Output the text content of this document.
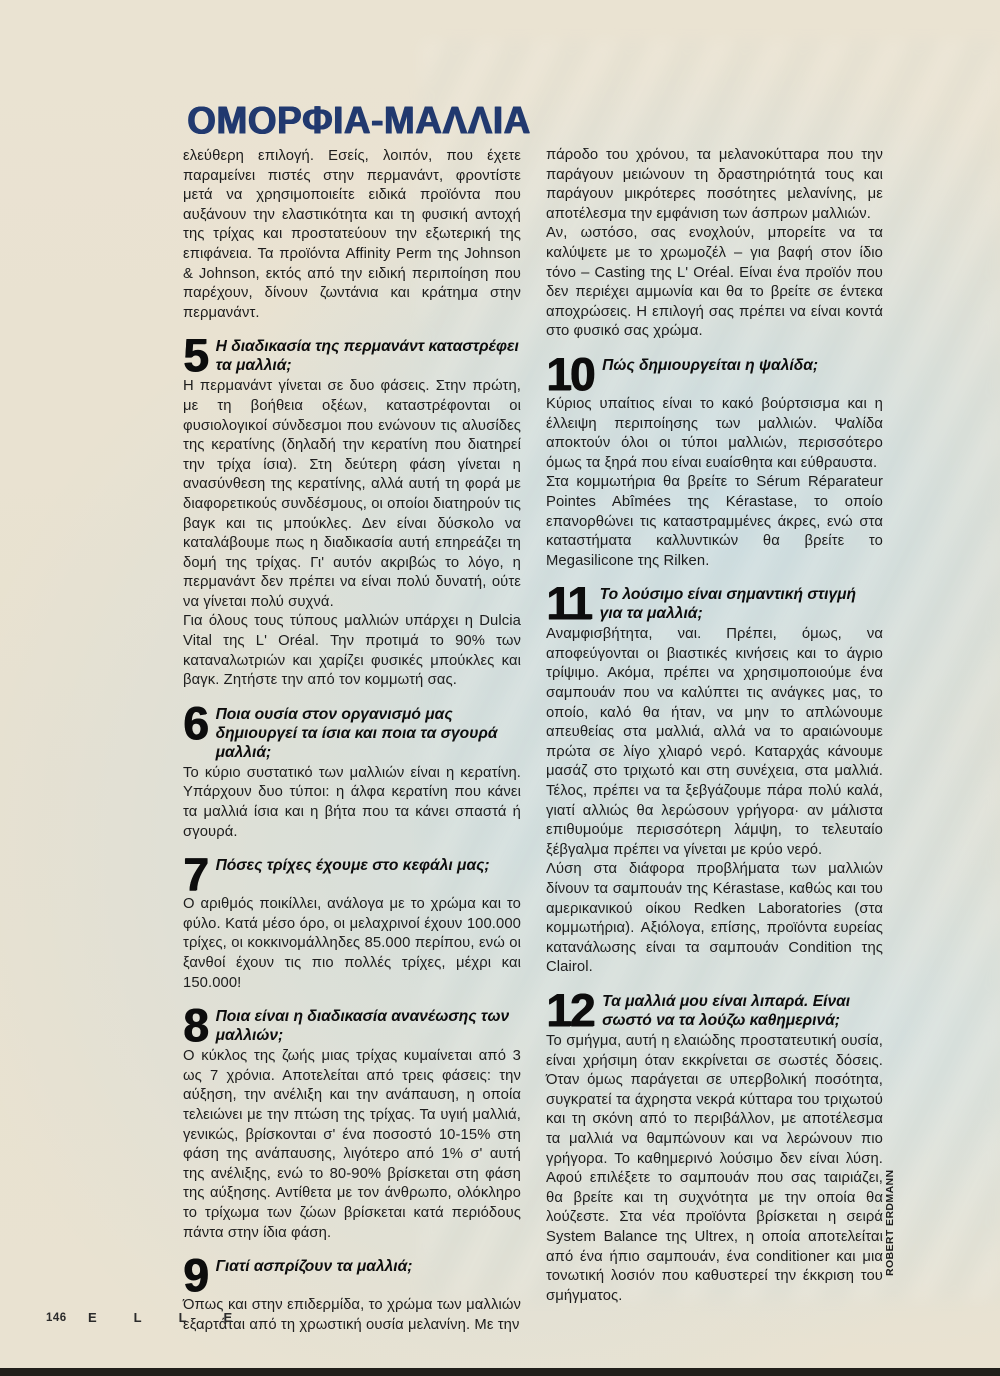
ΟΜΟΡΦΙΑ-ΜΑΛΛΙΑ

ελεύθερη επιλογή. Εσείς, λοιπόν, που έχετε παραμείνει πιστές στην περμανάντ, φροντίστε μετά να χρησιμοποιείτε ειδικά προϊόντα που αυξάνουν την ελαστικότητα και τη φυσική αντοχή της τρίχας και προστατεύουν την εξωτερική της επιφάνεια. Τα προϊόντα Affinity Perm της Johnson & Johnson, εκτός από την ειδική περιποίηση που παρέχουν, δίνουν ζωντάνια και κράτημα στην περμανάντ.

5 Η διαδικασία της περμανάντ καταστρέφει τα μαλλιά;

Η περμανάντ γίνεται σε δυο φάσεις. Στην πρώτη, με τη βοήθεια οξέων, καταστρέφονται οι φυσιολογικοί σύνδεσμοι που ενώνουν τις αλυσίδες της κερατίνης (δηλαδή την κερατίνη που διατηρεί την τρίχα ίσια). Στη δεύτερη φάση γίνεται η ανασύνθεση της κερατίνης, αλλά αυτή τη φορά με διαφορετικούς συνδέσμους, οι οποίοι διατηρούν τις βαγκ και τις μπούκλες. Δεν είναι δύσκολο να καταλάβουμε πως η διαδικασία αυτή επηρεάζει τη δομή της τρίχας. Γι' αυτόν ακριβώς το λόγο, η περμανάντ δεν πρέπει να είναι πολύ δυνατή, ούτε να γίνεται πολύ συχνά.

Για όλους τους τύπους μαλλιών υπάρχει η Dulcia Vital της L' Oréal. Την προτιμά το 90% των καταναλωτριών και χαρίζει φυσικές μπούκλες και βαγκ. Ζητήστε την από τον κομμωτή σας.

6 Ποια ουσία στον οργανισμό μας δημιουργεί τα ίσια και ποια τα σγουρά μαλλιά;

Το κύριο συστατικό των μαλλιών είναι η κερατίνη. Υπάρχουν δυο τύποι: η άλφα κερατίνη που κάνει τα μαλλιά ίσια και η βήτα που τα κάνει σπαστά ή σγουρά.

7 Πόσες τρίχες έχουμε στο κεφάλι μας;

Ο αριθμός ποικίλλει, ανάλογα με το χρώμα και το φύλο. Κατά μέσο όρο, οι μελαχρινοί έχουν 100.000 τρίχες, οι κοκκινομάλληδες 85.000 περίπου, ενώ οι ξανθοί έχουν τις πιο πολλές τρίχες, μέχρι και 150.000!

8 Ποια είναι η διαδικασία ανανέωσης των μαλλιών;

Ο κύκλος της ζωής μιας τρίχας κυμαίνεται από 3 ως 7 χρόνια. Αποτελείται από τρεις φάσεις: την αύξηση, την ανέλιξη και την ανάπαυση, η οποία τελειώνει με την πτώση της τρίχας. Τα υγιή μαλλιά, γενικώς, βρίσκονται σ' ένα ποσοστό 10-15% στη φάση της ανάπαυσης, λιγότερο από 1% σ' αυτή της ανέλιξης, ενώ το 80-90% βρίσκεται στη φάση της αύξησης. Αντίθετα με τον άνθρωπο, ολόκληρο το τρίχωμα των ζώων βρίσκεται κατά περιόδους πάντα στην ίδια φάση.

9 Γιατί ασπρίζουν τα μαλλιά;

Όπως και στην επιδερμίδα, το χρώμα των μαλλιών εξαρτάται από τη χρωστική ουσία μελανίνη. Με την

πάροδο του χρόνου, τα μελανοκύτταρα που την παράγουν μειώνουν τη δραστηριότητά τους και παράγουν μικρότερες ποσότητες μελανίνης, με αποτέλεσμα την εμφάνιση των άσπρων μαλλιών.

Αν, ωστόσο, σας ενοχλούν, μπορείτε να τα καλύψετε με το χρωμοζέλ – για βαφή στον ίδιο τόνο – Casting της L' Oréal. Είναι ένα προϊόν που δεν περιέχει αμμωνία και θα το βρείτε σε έντεκα αποχρώσεις. Η επιλογή σας πρέπει να είναι κοντά στο φυσικό σας χρώμα.

10 Πώς δημιουργείται η ψαλίδα;

Κύριος υπαίτιος είναι το κακό βούρτσισμα και η έλλειψη περιποίησης των μαλλιών. Ψαλίδα αποκτούν όλοι οι τύποι μαλλιών, περισσότερο όμως τα ξηρά που είναι ευαίσθητα και εύθραυστα.

Στα κομμωτήρια θα βρείτε το Sérum Réparateur Pointes Abîmées της Kérastase, το οποίο επανορθώνει τις καταστραμμένες άκρες, ενώ στα καταστήματα καλλυντικών θα βρείτε το Megasilicone της Rilken.

11 Το λούσιμο είναι σημαντική στιγμή για τα μαλλιά;

Αναμφισβήτητα, ναι. Πρέπει, όμως, να αποφεύγονται οι βιαστικές κινήσεις και το άγριο τρίψιμο. Ακόμα, πρέπει να χρησιμοποιούμε ένα σαμπουάν που να καλύπτει τις ανάγκες μας, το οποίο, καλό θα ήταν, να μην το απλώνουμε απευθείας στα μαλλιά, αλλά να το αραιώνουμε πρώτα σε λίγο χλιαρό νερό. Καταρχάς κάνουμε μασάζ στο τριχωτό και στη συνέχεια, στα μαλλιά. Τέλος, πρέπει να τα ξεβγάζουμε πάρα πολύ καλά, γιατί αλλιώς θα λερώσουν γρήγορα· αν μάλιστα επιθυμούμε περισσότερη λάμψη, το τελευταίο ξέβγαλμα πρέπει να γίνεται με κρύο νερό.

Λύση στα διάφορα προβλήματα των μαλλιών δίνουν τα σαμπουάν της Kérastase, καθώς και του αμερικανικού οίκου Redken Laboratories (στα κομμωτήρια). Αξιόλογα, επίσης, προϊόντα ευρείας κατανάλωσης είναι τα σαμπουάν Condition της Clairol.

12 Τα μαλλιά μου είναι λιπαρά. Είναι σωστό να τα λούζω καθημερινά;

Το σμήγμα, αυτή η ελαιώδης προστατευτική ουσία, είναι χρήσιμη όταν εκκρίνεται σε σωστές δόσεις. Όταν όμως παράγεται σε υπερβολική ποσότητα, συγκρατεί τα άχρηστα νεκρά κύτταρα του τριχωτού και τη σκόνη από το περιβάλλον, με αποτέλεσμα τα μαλλιά να θαμπώνουν και να λερώνουν πιο γρήγορα. Το καθημερινό λούσιμο δεν είναι λύση. Αφού επιλέξετε το σαμπουάν που σας ταιριάζει, θα βρείτε και τη συχνότητα με την οποία θα λούζεστε. Στα νέα προϊόντα βρίσκεται η σειρά System Balance της Ultrex, η οποία αποτελείται από ένα ήπιο σαμπουάν, ένα conditioner και μια τονωτική λοσιόν που καθυστερεί την έκκριση του σμήγματος.

146 ELLE
ROBERT ERDMANN
